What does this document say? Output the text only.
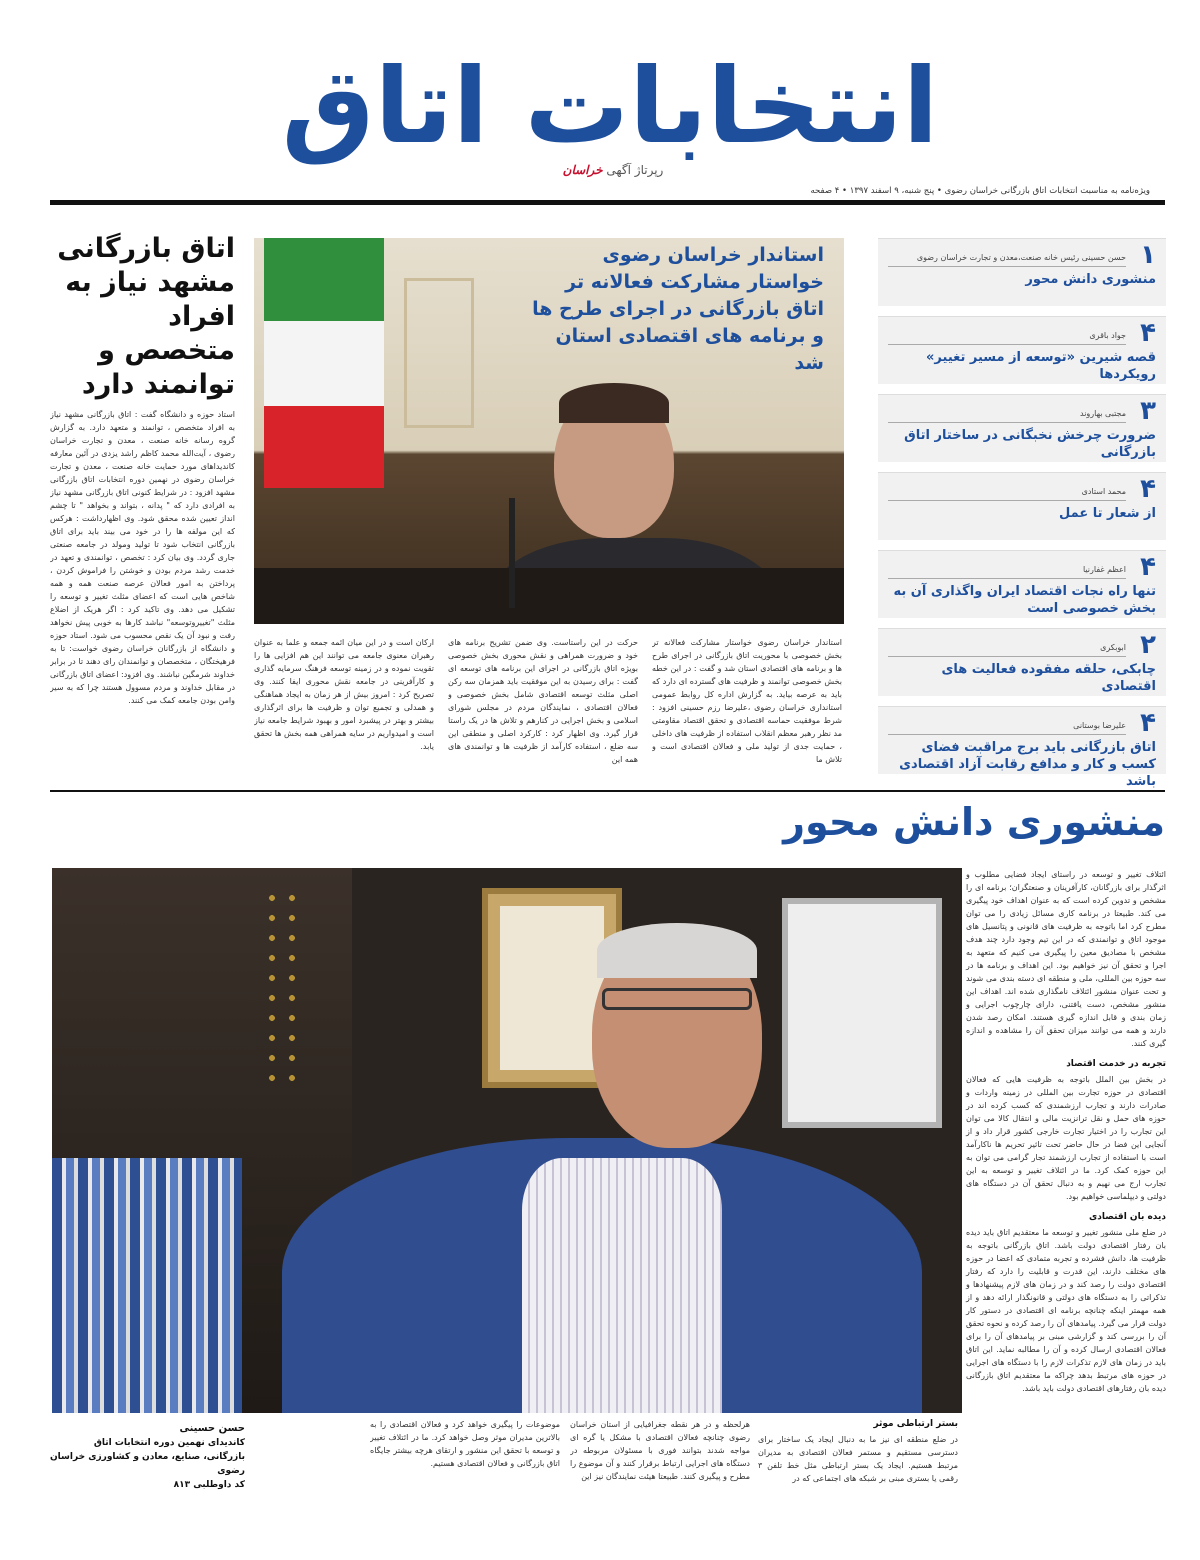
انتخابات اتاق
رپرتاژ آگهی خراسان
ویژه‌نامه به مناسبت انتخابات اتاق بازرگانی خراسان رضوی • پنج شنبه، ۹ اسفند ۱۳۹۷ • ۴ صفحه
۱
حسن حسینی رئیس خانه صنعت،معدن و تجارت خراسان رضوی
منشوری دانش محور
۴
جواد باقری
قصه شیرین «توسعه از مسیر تغییر» رویکردها
۳
مجتبی بهاروند
ضرورت چرخش نخبگانی در ساختار اتاق بازرگانی
۴
محمد استادی
از شعار تا عمل
۴
اعظم غفارنیا
تنها راه نجات اقتصاد ایران واگذاری آن به بخش خصوصی است
۲
ابوبکری
چابکی، حلقه مفقوده فعالیت های اقتصادی
۴
علیرضا بوستانی
اتاق بازرگانی باید برج مراقبت فضای کسب و کار و مدافع رقابت آزاد اقتصادی باشد
اتاق بازرگانی مشهد نیاز به افراد متخصص و توانمند دارد
استاد حوزه و دانشگاه گفت : اتاق بازرگانی مشهد نیاز به افراد متخصص ، توانمند و متعهد دارد. به گزارش گروه رسانه خانه صنعت ، معدن و تجارت خراسان رضوی ، آیت‌الله محمد کاظم راشد یزدی در آئین معارفه کاندیداهای مورد حمایت خانه صنعت ، معدن و تجارت خراسان رضوی در نهمین دوره انتخابات اتاق بازرگانی مشهد افزود : در شرایط کنونی اتاق بازرگانی مشهد نیاز به افرادی دارد که " پدانه ، بتواند و بخواهد " تا چشم انداز تعیین شده محقق شود. وی اظهارداشت : هرکس که این مولفه ها را در خود می بیند باید برای اتاق بازرگانی انتخاب شود تا تولید ومولد در جامعه صنعتی جاری گردد. وی بیان کرد : تخصص ، توانمندی و تعهد در خدمت رشد مردم بودن و خوشتن را فراموش کردن ، پرداختن به امور فعالان عرصه صنعت همه و همه شاخص هایی است که اعضای مثلث تغییر و توسعه را تشکیل می دهد. وی تاکید کرد : اگر هریک از اضلاع مثلث "تغییروتوسعه" نباشد کارها به خوبی پیش نخواهد رفت و نبود آن یک نقص محسوب می شود. استاد حوزه و دانشگاه از بازرگانان خراسان رضوی خواست: تا به فرهیختگان ، متخصصان و توانمندان رای دهند تا در برابر خداوند شرمگین نباشند. وی افزود: اعضای اتاق بازرگانی در مقابل خداوند و مردم مسوول هستند چرا که به سیر وامن بودن جامعه کمک می کنند.
استاندار خراسان رضوی خواستار مشارکت فعالانه تر اتاق بازرگانی در اجرای طرح ها و برنامه های اقتصادی استان شد
استاندار خراسان رضوی خواستار مشارکت فعالانه تر بخش خصوصی با محوریت اتاق بازرگانی در اجرای طرح ها و برنامه های اقتصادی استان شد و گفت : در این خطه بخش خصوصی توانمند و ظرفیت های گسترده ای دارد که باید به عرصه بیاید. به گزارش اداره کل روابط عمومی استانداری خراسان رضوی ،علیرضا رزم حسینی افزود : شرط موفقیت حماسه اقتصادی و تحقق اقتصاد مقاومتی مد نظر رهبر معظم انقلاب استفاده از ظرفیت های داخلی ، حمایت جدی از تولید ملی و فعالان اقتصادی است و تلاش ما
حرکت در این راستاست. وی ضمن تشریح برنامه های خود و ضرورت همراهی و نقش محوری بخش خصوصی بویژه اتاق بازرگانی در اجرای این برنامه های توسعه ای گفت : برای رسیدن به این موفقیت باید همزمان سه رکن اصلی مثلث توسعه اقتصادی شامل بخش خصوصی و فعالان اقتصادی ، نمایندگان مردم در مجلس شورای اسلامی و بخش اجرایی در کنارهم و تلاش ها در یک راستا قرار گیرد. وی اظهار کرد : کارکرد اصلی و منطقی این سه ضلع ، استفاده کارآمد از ظرفیت ها و توانمندی های همه این
ارکان است و در این میان ائمه جمعه و علما به عنوان رهبران معنوی جامعه می توانند این هم افزایی ها را تقویت نموده و در زمینه توسعه فرهنگ سرمایه گذاری و کارآفرینی در جامعه نقش محوری ایفا کنند. وی تصریح کرد : امروز بیش از هر زمان به ایجاد هماهنگی و همدلی و تجمیع توان و ظرفیت ها برای اثرگذاری بیشتر و بهتر در پیشبرد امور و بهبود شرایط جامعه نیاز است و امیدواریم در سایه همراهی همه بخش ها تحقق یابد.
منشوری دانش محور
ائتلاف تغییر و توسعه در راستای ایجاد فضایی مطلوب و اثرگذار برای بازرگانان، کارآفرینان و صنعتگران؛ برنامه ای را مشخص و تدوین کرده است که به عنوان اهداف خود پیگیری می کند. طبیعتا در برنامه کاری مسائل زیادی را می توان مطرح کرد اما باتوجه به ظرفیت های قانونی و پتانسیل های موجود اتاق و توانمندی که در این تیم وجود دارد چند هدف مشخص با مصادیق معین را پیگیری می کنیم که متعهد به اجرا و تحقق آن نیز خواهیم بود. این اهداف و برنامه ها در سه حوزه بین المللی، ملی و منطقه ای دسته بندی می شوند و تحت عنوان منشور ائتلاف نامگذاری شده اند. اهداف این منشور مشخص، دست یافتنی، دارای چارچوب اجرایی و زمان بندی و قابل اندازه گیری هستند. امکان رصد شدن دارند و همه می توانند میزان تحقق آن را مشاهده و اندازه گیری کنند.
تجربه در خدمت اقتصاد
در بخش بین الملل باتوجه به ظرفیت هایی که فعالان اقتصادی در حوزه تجارت بین المللی در زمینه واردات و صادرات دارند و تجارب ارزشمندی که کسب کرده اند در حوزه های حمل و نقل ترانزیت مالی و انتقال کالا می توان این تجارب را در اختیار تجارت خارجی کشور قرار داد و از آنجایی این فضا در حال حاضر تحت تاثیر تحریم ها ناکارآمد است با استفاده از تجارب ارزشمند تجار گرامی می توان به این حوزه کمک کرد. ما در ائتلاف تغییر و توسعه به این تجارب ارج می نهیم و به دنبال تحقق آن در دستگاه های دولتی و دیپلماسی خواهیم بود.
دیده بان اقتصادی
در ضلع ملی منشور تغییر و توسعه ما معتقدیم اتاق باید دیده بان رفتار اقتصادی دولت باشد. اتاق بازرگانی باتوجه به ظرفیت ها، دانش فشرده و تجربه متمادی که اعضا در حوزه های مختلف دارند، این قدرت و قابلیت را دارد که رفتار اقتصادی دولت را رصد کند و در زمان های لازم پیشنهادها و تذکراتی را به دستگاه های دولتی و قانونگذار ارائه دهد و از همه مهمتر اینکه چنانچه برنامه ای اقتصادی در دستور کار دولت قرار می گیرد. پیامدهای آن را رصد کرده و نحوه تحقق آن را بررسی کند و گزارشی مبنی بر پیامدهای آن را برای فعالان اقتصادی ارسال کرده و آن را مطالبه نماید. این اتاق باید در زمان های لازم تذکرات لازم را با دستگاه های اجرایی در حوزه های مرتبط بدهد چراکه ما معتقدیم اتاق بازرگانی دیده بان رفتارهای اقتصادی دولت باید باشد.
حسن حسینی
کاندیدای نهمین دوره انتخابات اتاق بازرگانی، صنایع، معادن و کشاورزی خراسان رضوی
کد داوطلبی ۸۱۳
بستر ارتباطی موثر
در ضلع منطقه ای نیز ما به دنبال ایجاد یک ساختار برای دسترسی مستقیم و مستمر فعالان اقتصادی به مدیران مرتبط هستیم. ایجاد یک بستر ارتباطی مثل خط تلفن ۳ رقمی یا بستری مبنی بر شبکه های اجتماعی که در
هرلحظه و در هر نقطه جغرافیایی از استان خراسان رضوی چنانچه فعالان اقتصادی با مشکل یا گره ای مواجه شدند بتوانند فوری با مسئولان مربوطه در دستگاه های اجرایی ارتباط برقرار کنند و آن موضوع را مطرح و پیگیری کنند. طبیعتا هیئت نمایندگان نیز این
موضوعات را پیگیری خواهد کرد و فعالان اقتصادی را به بالاترین مدیران موثر وصل خواهد کرد. ما در ائتلاف تغییر و توسعه با تحقق این منشور و ارتقای هرچه بیشتر جایگاه اتاق بازرگانی و فعالان اقتصادی هستیم.
